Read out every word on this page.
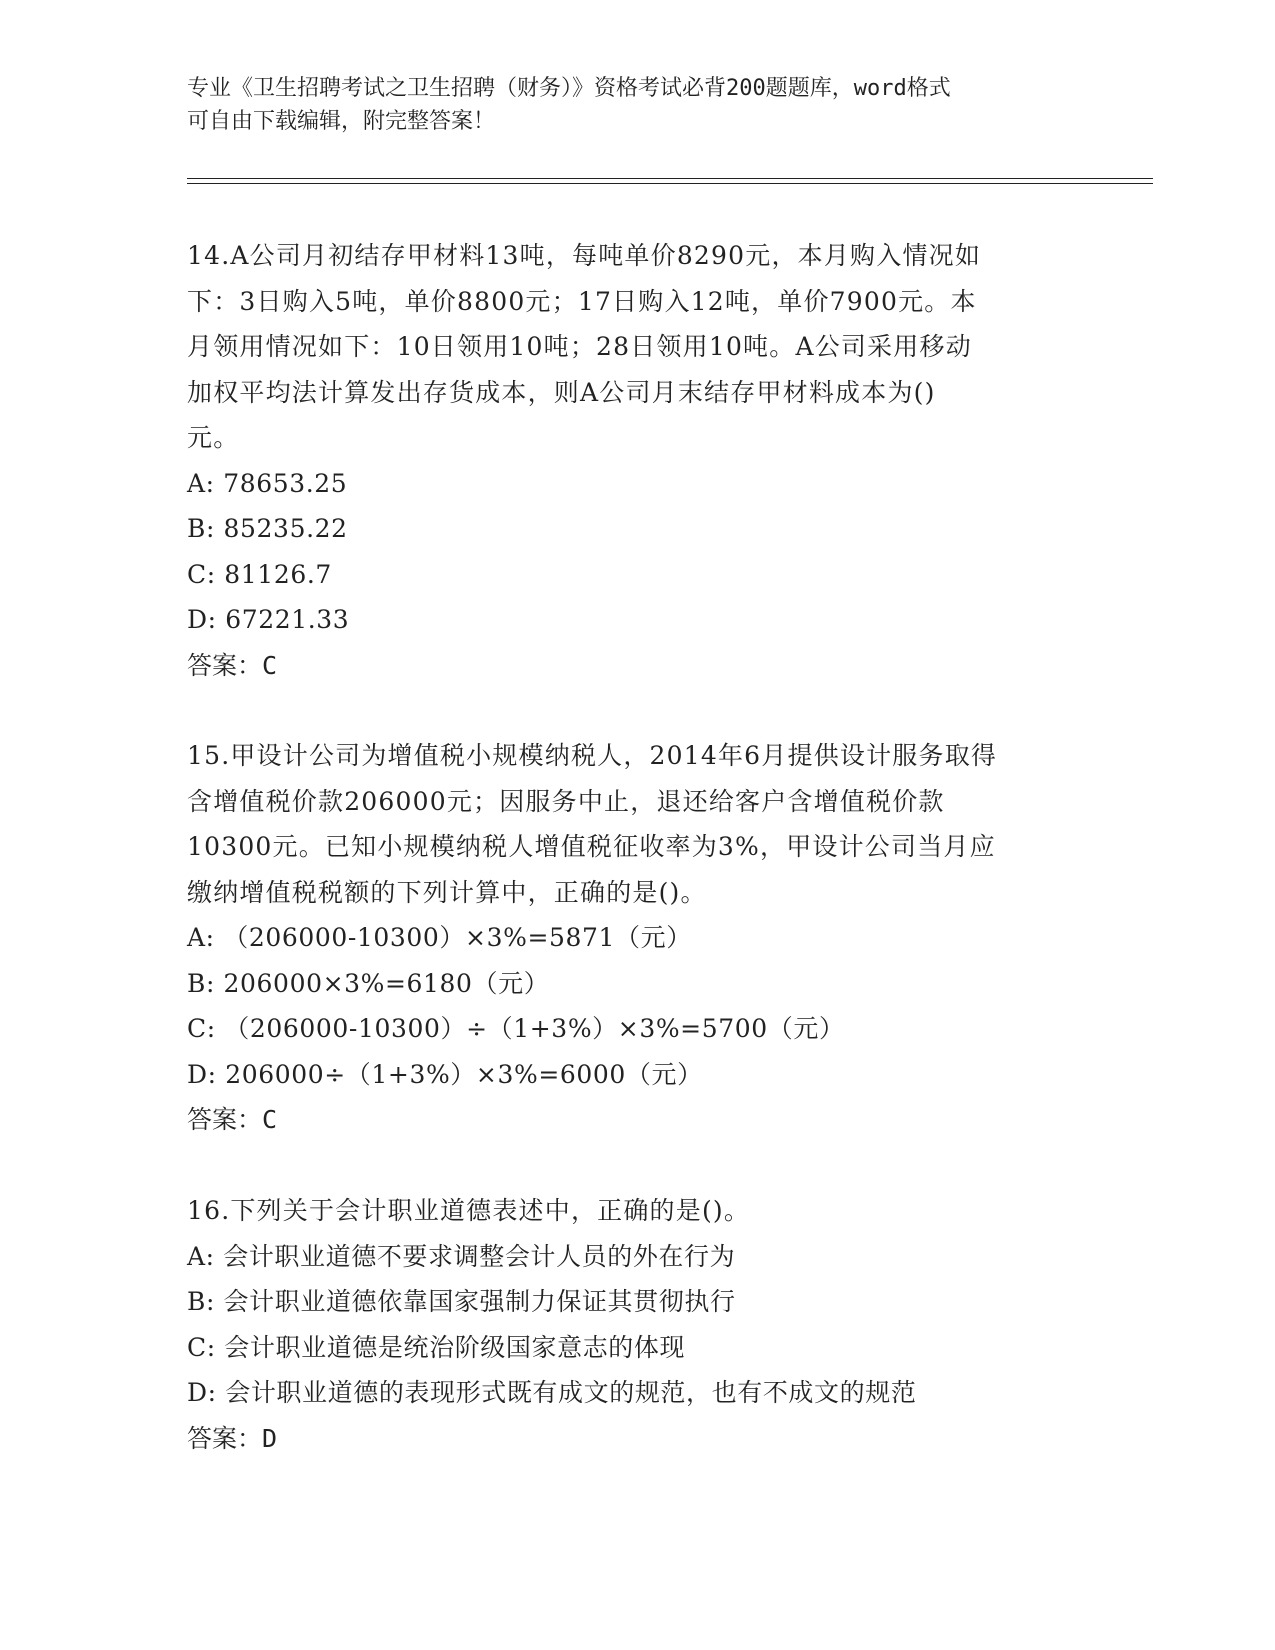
专业《卫生招聘考试之卫生招聘（财务）》资格考试必背200题题库，word格式
可自由下载编辑，附完整答案！
14.A公司月初结存甲材料13吨，每吨单价8290元，本月购入情况如
下：3日购入5吨，单价8800元；17日购入12吨，单价7900元。本
月领用情况如下：10日领用10吨；28日领用10吨。A公司采用移动
加权平均法计算发出存货成本，则A公司月末结存甲材料成本为()
元。
A: 78653.25
B: 85235.22
C: 81126.7
D: 67221.33
答案：C
15.甲设计公司为增值税小规模纳税人，2014年6月提供设计服务取得
含增值税价款206000元；因服务中止，退还给客户含增值税价款
10300元。已知小规模纳税人增值税征收率为3%，甲设计公司当月应
缴纳增值税税额的下列计算中，正确的是()。
A: （206000-10300）×3%=5871（元）
B: 206000×3%=6180（元）
C: （206000-10300）÷（1+3%）×3%=5700（元）
D: 206000÷（1+3%）×3%=6000（元）
答案：C
16.下列关于会计职业道德表述中，正确的是()。
A: 会计职业道德不要求调整会计人员的外在行为
B: 会计职业道德依靠国家强制力保证其贯彻执行
C: 会计职业道德是统治阶级国家意志的体现
D: 会计职业道德的表现形式既有成文的规范，也有不成文的规范
答案：D
